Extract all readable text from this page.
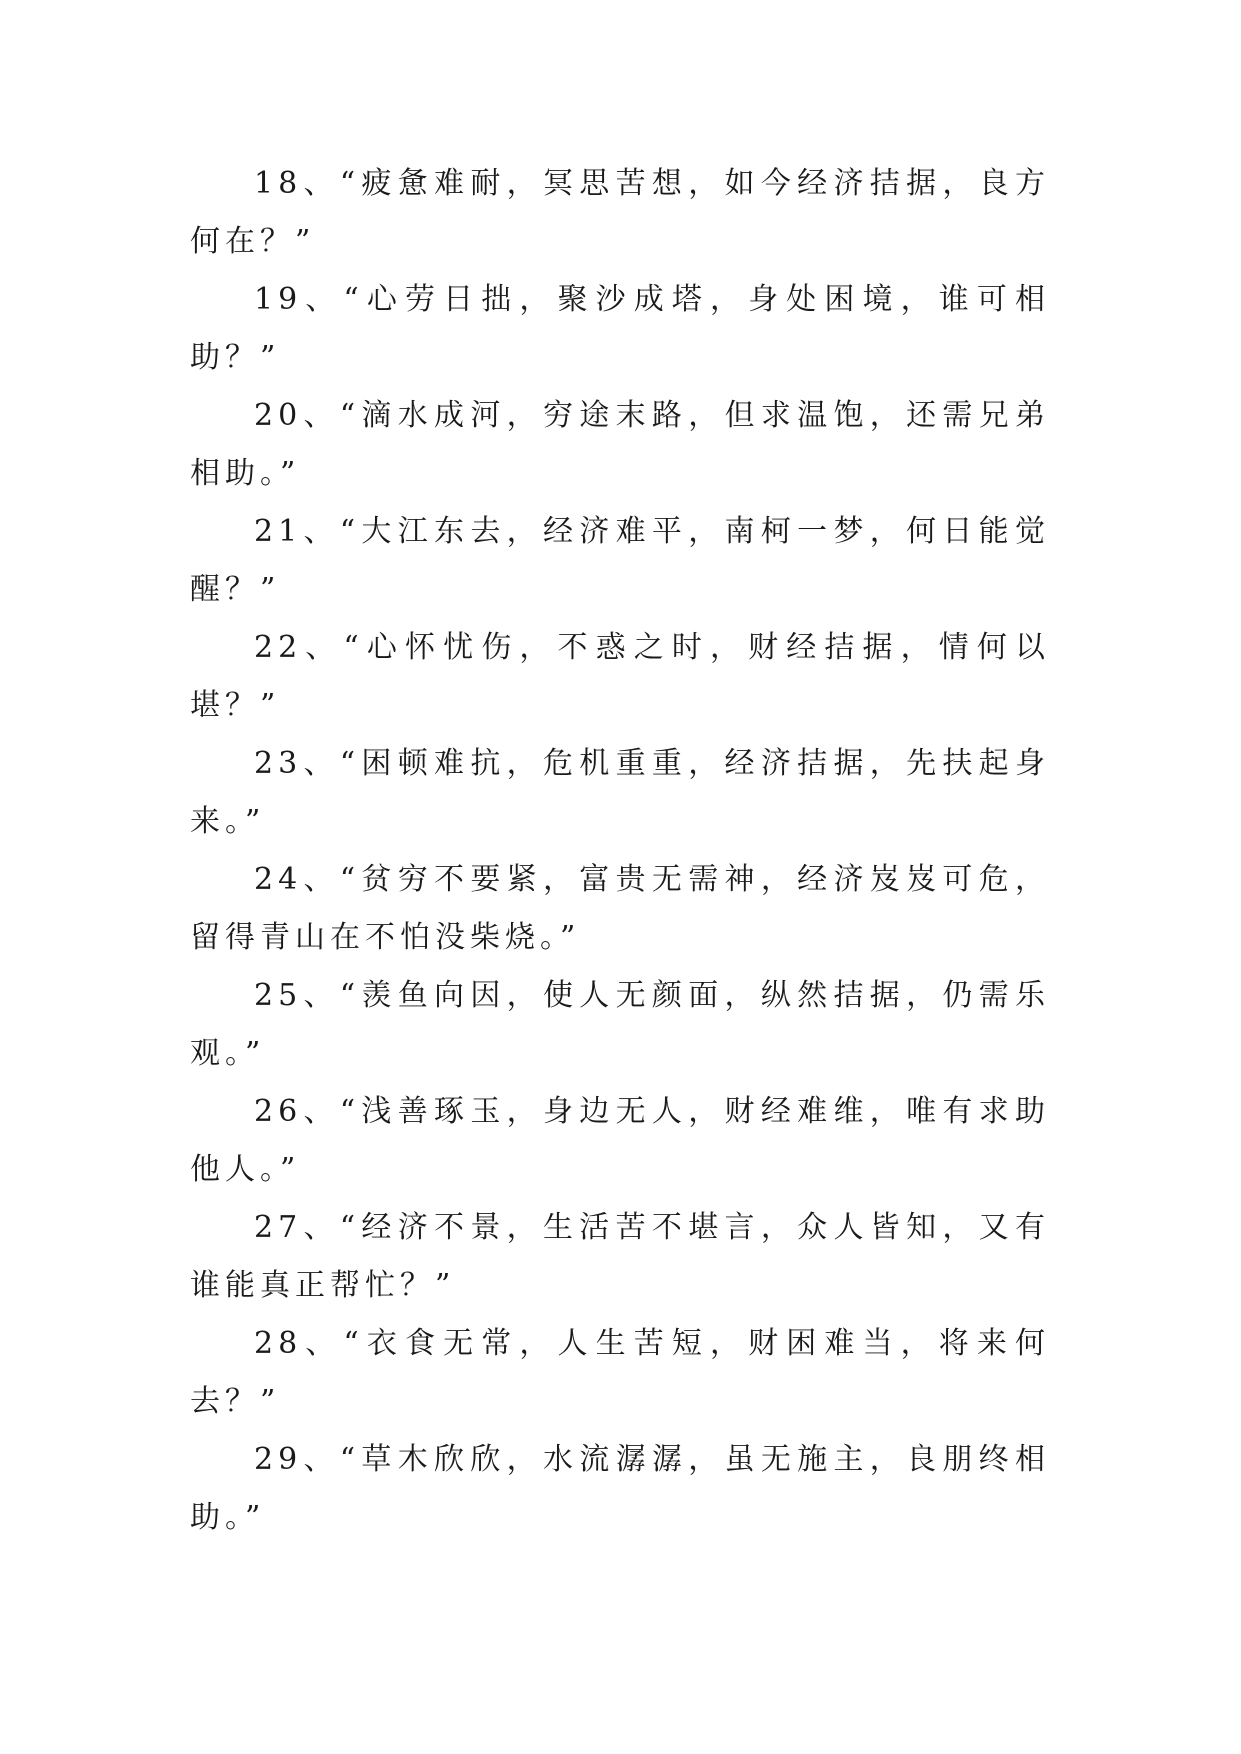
18、“疲惫难耐，冥思苦想，如今经济拮据，良方何在？”

19、“心劳日拙，聚沙成塔，身处困境，谁可相助？”

20、“滴水成河，穷途末路，但求温饱，还需兄弟相助。”

21、“大江东去，经济难平，南柯一梦，何日能觉醒？”

22、“心怀忧伤，不惑之时，财经拮据，情何以堪？”

23、“困顿难抗，危机重重，经济拮据，先扶起身来。”

24、“贫穷不要紧，富贵无需神，经济岌岌可危，留得青山在不怕没柴烧。”

25、“羡鱼向因，使人无颜面，纵然拮据，仍需乐观。”

26、“浅善琢玉，身边无人，财经难维，唯有求助他人。”

27、“经济不景，生活苦不堪言，众人皆知，又有谁能真正帮忙？”

28、“衣食无常，人生苦短，财困难当，将来何去？”

29、“草木欣欣，水流潺潺，虽无施主，良朋终相助。”
